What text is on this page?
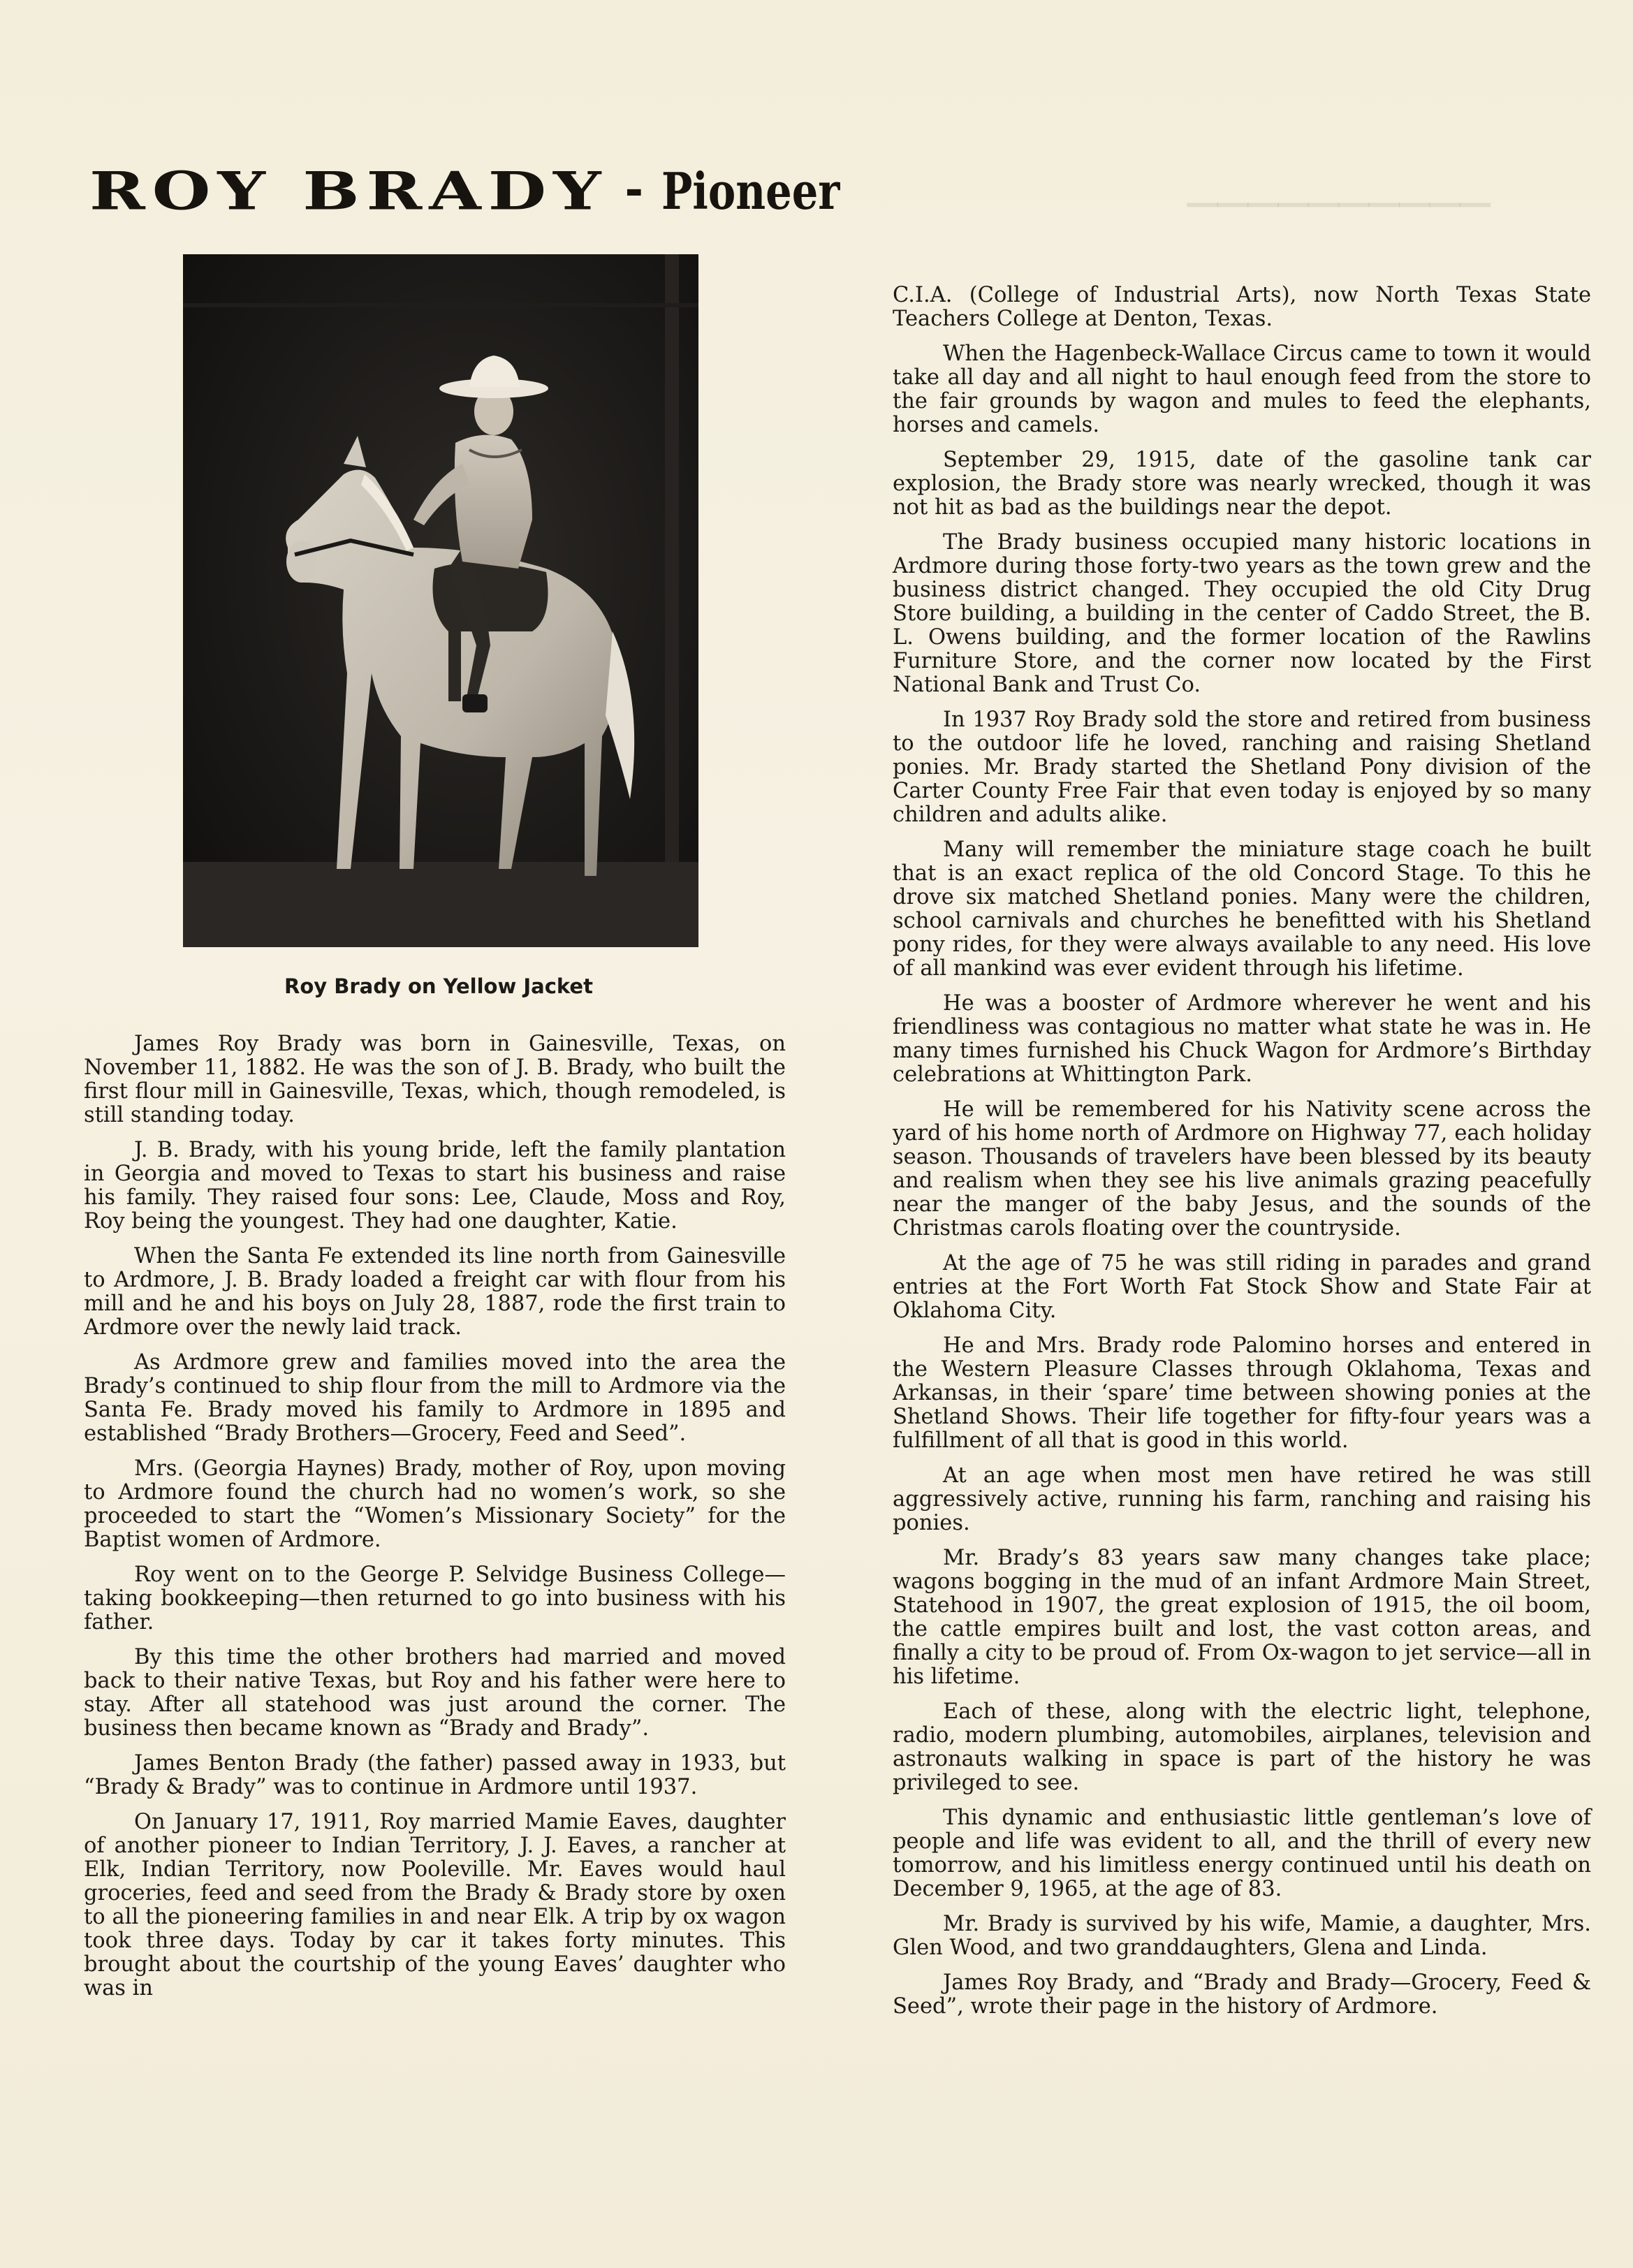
──────────
ROY BRADY - Pioneer
Roy Brady on Yellow Jacket

James Roy Brady was born in Gainesville, Texas, on November 11, 1882. He was the son of J. B. Brady, who built the first flour mill in Gainesville, Texas, which, though remodeled, is still standing today.

J. B. Brady, with his young bride, left the family plantation in Georgia and moved to Texas to start his business and raise his family. They raised four sons: Lee, Claude, Moss and Roy, Roy being the youngest. They had one daughter, Katie.

When the Santa Fe extended its line north from Gainesville to Ardmore, J. B. Brady loaded a freight car with flour from his mill and he and his boys on July 28, 1887, rode the first train to Ardmore over the newly laid track.

As Ardmore grew and families moved into the area the Brady’s continued to ship flour from the mill to Ardmore via the Santa Fe. Brady moved his family to Ardmore in 1895 and established “Brady Brothers—Grocery, Feed and Seed”.

Mrs. (Georgia Haynes) Brady, mother of Roy, upon moving to Ardmore found the church had no women’s work, so she proceeded to start the “Women’s Missionary Society” for the Baptist women of Ardmore.

Roy went on to the George P. Selvidge Business College—taking bookkeeping—then returned to go into business with his father.

By this time the other brothers had married and moved back to their native Texas, but Roy and his father were here to stay. After all statehood was just around the corner. The business then became known as “Brady and Brady”.

James Benton Brady (the father) passed away in 1933, but “Brady & Brady” was to continue in Ardmore until 1937.

On January 17, 1911, Roy married Mamie Eaves, daughter of another pioneer to Indian Territory, J. J. Eaves, a rancher at Elk, Indian Territory, now Pooleville. Mr. Eaves would haul groceries, feed and seed from the Brady & Brady store by oxen to all the pioneering families in and near Elk. A trip by ox wagon took three days. Today by car it takes forty minutes. This brought about the courtship of the young Eaves’ daughter who was in

C.I.A. (College of Industrial Arts), now North Texas State Teachers College at Denton, Texas.

When the Hagenbeck-Wallace Circus came to town it would take all day and all night to haul enough feed from the store to the fair grounds by wagon and mules to feed the elephants, horses and camels.

September 29, 1915, date of the gasoline tank car explosion, the Brady store was nearly wrecked, though it was not hit as bad as the buildings near the depot.

The Brady business occupied many historic locations in Ardmore during those forty-two years as the town grew and the business district changed. They occupied the old City Drug Store building, a building in the center of Caddo Street, the B. L. Owens building, and the former location of the Rawlins Furniture Store, and the corner now located by the First National Bank and Trust Co.

In 1937 Roy Brady sold the store and retired from business to the outdoor life he loved, ranching and raising Shetland ponies. Mr. Brady started the Shetland Pony division of the Carter County Free Fair that even today is enjoyed by so many children and adults alike.

Many will remember the miniature stage coach he built that is an exact replica of the old Concord Stage. To this he drove six matched Shetland ponies. Many were the children, school carnivals and churches he benefitted with his Shetland pony rides, for they were always available to any need. His love of all mankind was ever evident through his lifetime.

He was a booster of Ardmore wherever he went and his friendliness was contagious no matter what state he was in. He many times furnished his Chuck Wagon for Ardmore’s Birthday celebrations at Whittington Park.

He will be remembered for his Nativity scene across the yard of his home north of Ardmore on Highway 77, each holiday season. Thousands of travelers have been blessed by its beauty and realism when they see his live animals grazing peacefully near the manger of the baby Jesus, and the sounds of the Christmas carols floating over the countryside.

At the age of 75 he was still riding in parades and grand entries at the Fort Worth Fat Stock Show and State Fair at Oklahoma City.

He and Mrs. Brady rode Palomino horses and entered in the Western Pleasure Classes through Oklahoma, Texas and Arkansas, in their ‘spare’ time between showing ponies at the Shetland Shows. Their life together for fifty-four years was a fulfillment of all that is good in this world.

At an age when most men have retired he was still aggressively active, running his farm, ranching and raising his ponies.

Mr. Brady’s 83 years saw many changes take place; wagons bogging in the mud of an infant Ardmore Main Street, Statehood in 1907, the great explosion of 1915, the oil boom, the cattle empires built and lost, the vast cotton areas, and finally a city to be proud of. From Ox-wagon to jet service—all in his lifetime.

Each of these, along with the electric light, telephone, radio, modern plumbing, automobiles, airplanes, television and astronauts walking in space is part of the history he was privileged to see.

This dynamic and enthusiastic little gentleman’s love of people and life was evident to all, and the thrill of every new tomorrow, and his limitless energy continued until his death on December 9, 1965, at the age of 83.

Mr. Brady is survived by his wife, Mamie, a daughter, Mrs. Glen Wood, and two granddaughters, Glena and Linda.

James Roy Brady, and “Brady and Brady—Grocery, Feed & Seed”, wrote their page in the history of Ardmore.
